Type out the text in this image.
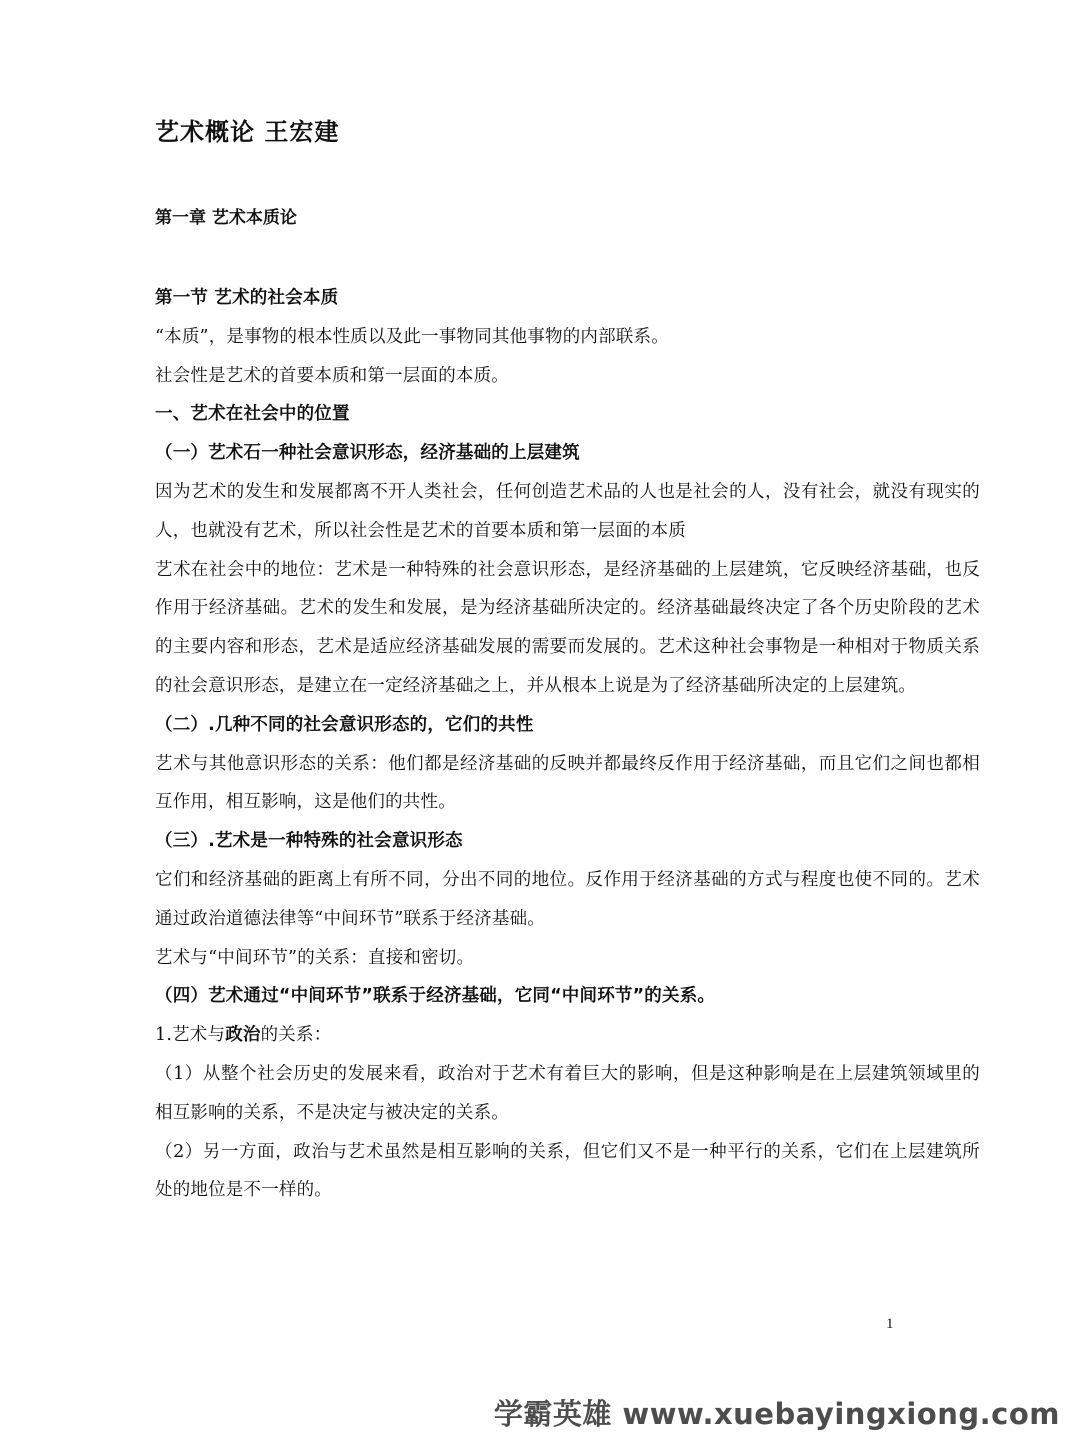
艺术概论 王宏建
第一章 艺术本质论

第一节 艺术的社会本质

“本质”，是事物的根本性质以及此一事物同其他事物的内部联系。

社会性是艺术的首要本质和第一层面的本质。

一、艺术在社会中的位置

（一）艺术石一种社会意识形态，经济基础的上层建筑

因为艺术的发生和发展都离不开人类社会，任何创造艺术品的人也是社会的人，没有社会，就没有现实的人，也就没有艺术，所以社会性是艺术的首要本质和第一层面的本质

艺术在社会中的地位：艺术是一种特殊的社会意识形态，是经济基础的上层建筑，它反映经济基础，也反作用于经济基础。艺术的发生和发展，是为经济基础所决定的。经济基础最终决定了各个历史阶段的艺术的主要内容和形态，艺术是适应经济基础发展的需要而发展的。艺术这种社会事物是一种相对于物质关系的社会意识形态，是建立在一定经济基础之上，并从根本上说是为了经济基础所决定的上层建筑。

（二）.几种不同的社会意识形态的，它们的共性

艺术与其他意识形态的关系：他们都是经济基础的反映并都最终反作用于经济基础，而且它们之间也都相互作用，相互影响，这是他们的共性。

（三）.艺术是一种特殊的社会意识形态

它们和经济基础的距离上有所不同，分出不同的地位。反作用于经济基础的方式与程度也使不同的。艺术通过政治道德法律等“中间环节”联系于经济基础。

艺术与“中间环节”的关系：直接和密切。

（四）艺术通过“中间环节”联系于经济基础，它同“中间环节”的关系。

1.艺术与政治的关系：

（1）从整个社会历史的发展来看，政治对于艺术有着巨大的影响，但是这种影响是在上层建筑领域里的相互影响的关系，不是决定与被决定的关系。

（2）另一方面，政治与艺术虽然是相互影响的关系，但它们又不是一种平行的关系，它们在上层建筑所处的地位是不一样的。

1
学霸英雄 www.xuebayingxiong.com
